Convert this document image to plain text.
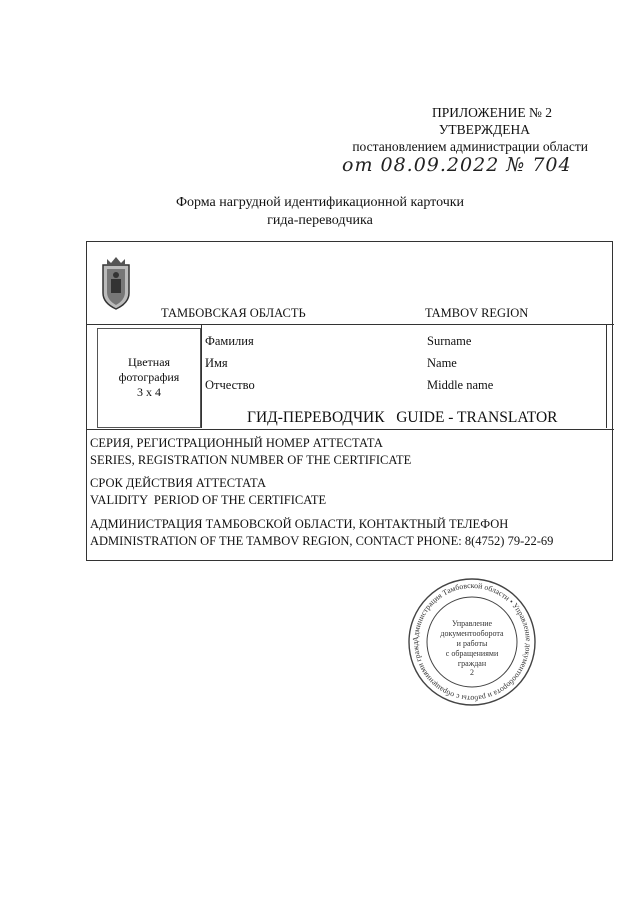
ПРИЛОЖЕНИЕ № 2
УТВЕРЖДЕНА
постановлением администрации области
от 08.09.2022 № 704
Форма нагрудной идентификационной карточки
гида-переводчика
ТАМБОВСКАЯ ОБЛАСТЬ	TAMBOV REGION
Цветная
фотография
3 x 4
Фамилия	Surname
Имя	Name
Отчество	Middle name
ГИД-ПЕРЕВОДЧИК   GUIDE - TRANSLATOR
СЕРИЯ, РЕГИСТРАЦИОННЫЙ НОМЕР АТТЕСТАТА
SERIES, REGISTRATION NUMBER OF THE CERTIFICATE
СРОК ДЕЙСТВИЯ АТТЕСТАТА
VALIDITY  PERIOD OF THE CERTIFICATE
АДМИНИСТРАЦИЯ ТАМБОВСКОЙ ОБЛАСТИ, КОНТАКТНЫЙ ТЕЛЕФОН
ADMINISTRATION OF THE TAMBOV REGION, CONTACT PHONE: 8(4752) 79-22-69
Администрация Тамбовской области • Управление документооборота и работы с обращениями гражд
Управление
документооборота
и работы
с обращениями
граждан
2
